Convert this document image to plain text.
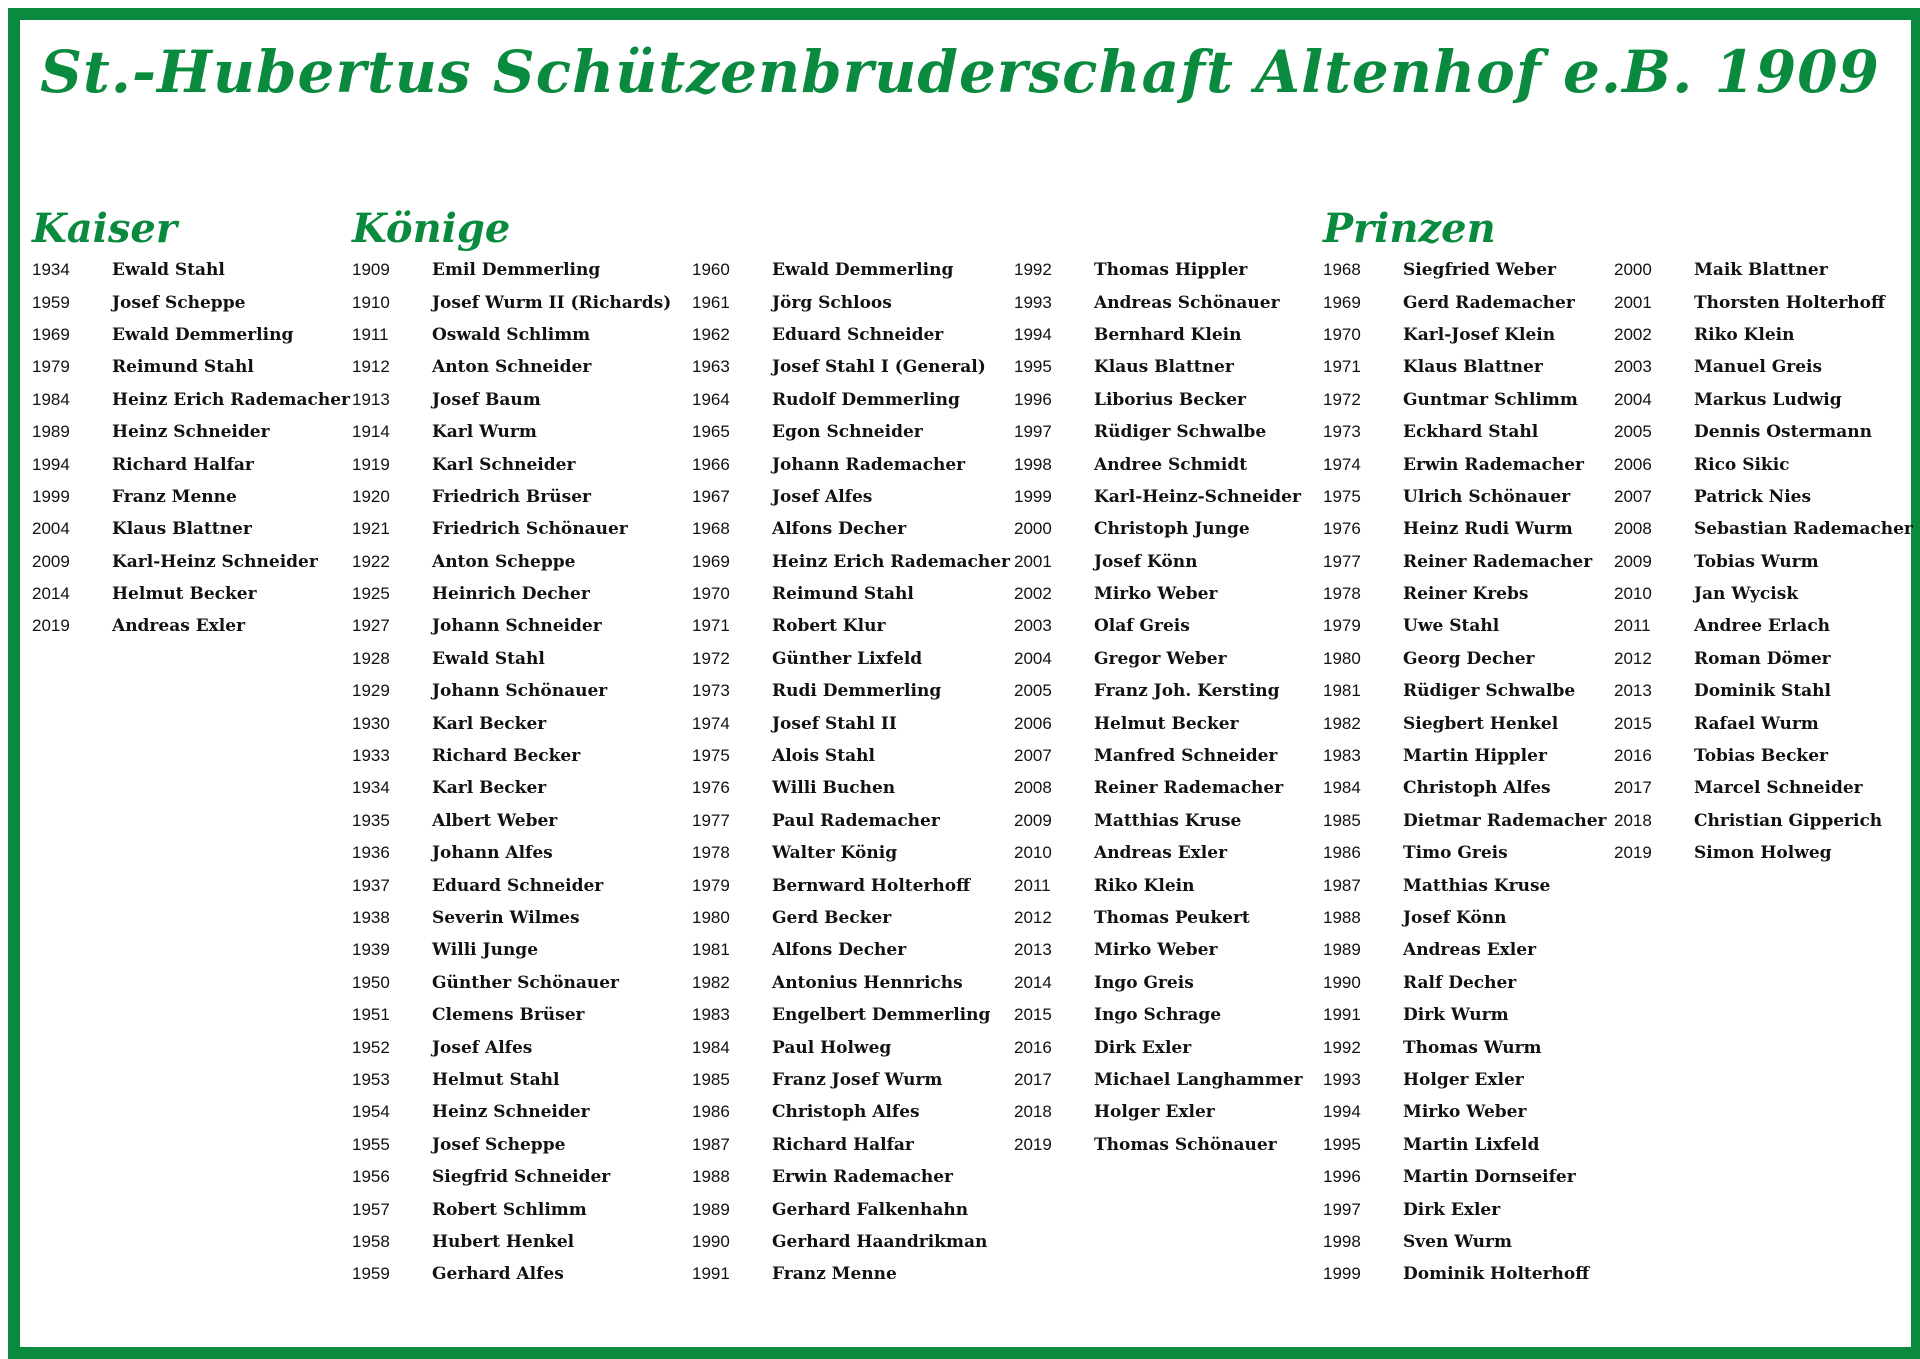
St.-Hubertus Schützenbruderschaft Altenhof e.B. 1909
Kaiser	Könige	Prinzen
1934	Ewald Stahl
1959	Josef Scheppe
1969	Ewald Demmerling
1979	Reimund Stahl
1984	Heinz Erich Rademacher
1989	Heinz Schneider
1994	Richard Halfar
1999	Franz Menne
2004	Klaus Blattner
2009	Karl-Heinz Schneider
2014	Helmut Becker
2019	Andreas Exler
1909	Emil Demmerling
1910	Josef Wurm II (Richards)
1911	Oswald Schlimm
1912	Anton Schneider
1913	Josef Baum
1914	Karl Wurm
1919	Karl Schneider
1920	Friedrich Brüser
1921	Friedrich Schönauer
1922	Anton Scheppe
1925	Heinrich Decher
1927	Johann Schneider
1928	Ewald Stahl
1929	Johann Schönauer
1930	Karl Becker
1933	Richard Becker
1934	Karl Becker
1935	Albert Weber
1936	Johann Alfes
1937	Eduard Schneider
1938	Severin Wilmes
1939	Willi Junge
1950	Günther Schönauer
1951	Clemens Brüser
1952	Josef Alfes
1953	Helmut Stahl
1954	Heinz Schneider
1955	Josef Scheppe
1956	Siegfrid Schneider
1957	Robert Schlimm
1958	Hubert Henkel
1959	Gerhard Alfes
1960	Ewald Demmerling
1961	Jörg Schloos
1962	Eduard Schneider
1963	Josef Stahl I (General)
1964	Rudolf Demmerling
1965	Egon Schneider
1966	Johann Rademacher
1967	Josef Alfes
1968	Alfons Decher
1969	Heinz Erich Rademacher
1970	Reimund Stahl
1971	Robert Klur
1972	Günther Lixfeld
1973	Rudi Demmerling
1974	Josef Stahl II
1975	Alois Stahl
1976	Willi Buchen
1977	Paul Rademacher
1978	Walter König
1979	Bernward Holterhoff
1980	Gerd Becker
1981	Alfons Decher
1982	Antonius Hennrichs
1983	Engelbert Demmerling
1984	Paul Holweg
1985	Franz Josef Wurm
1986	Christoph Alfes
1987	Richard Halfar
1988	Erwin Rademacher
1989	Gerhard Falkenhahn
1990	Gerhard Haandrikman
1991	Franz Menne
1992	Thomas Hippler
1993	Andreas Schönauer
1994	Bernhard Klein
1995	Klaus Blattner
1996	Liborius Becker
1997	Rüdiger Schwalbe
1998	Andree Schmidt
1999	Karl-Heinz-Schneider
2000	Christoph Junge
2001	Josef Könn
2002	Mirko Weber
2003	Olaf Greis
2004	Gregor Weber
2005	Franz Joh. Kersting
2006	Helmut Becker
2007	Manfred Schneider
2008	Reiner Rademacher
2009	Matthias Kruse
2010	Andreas Exler
2011	Riko Klein
2012	Thomas Peukert
2013	Mirko Weber
2014	Ingo Greis
2015	Ingo Schrage
2016	Dirk Exler
2017	Michael Langhammer
2018	Holger Exler
2019	Thomas Schönauer
1968	Siegfried Weber
1969	Gerd Rademacher
1970	Karl-Josef Klein
1971	Klaus Blattner
1972	Guntmar Schlimm
1973	Eckhard Stahl
1974	Erwin Rademacher
1975	Ulrich Schönauer
1976	Heinz Rudi Wurm
1977	Reiner Rademacher
1978	Reiner Krebs
1979	Uwe Stahl
1980	Georg Decher
1981	Rüdiger Schwalbe
1982	Siegbert Henkel
1983	Martin Hippler
1984	Christoph Alfes
1985	Dietmar Rademacher
1986	Timo Greis
1987	Matthias Kruse
1988	Josef Könn
1989	Andreas Exler
1990	Ralf Decher
1991	Dirk Wurm
1992	Thomas Wurm
1993	Holger Exler
1994	Mirko Weber
1995	Martin Lixfeld
1996	Martin Dornseifer
1997	Dirk Exler
1998	Sven Wurm
1999	Dominik Holterhoff
2000	Maik Blattner
2001	Thorsten Holterhoff
2002	Riko Klein
2003	Manuel Greis
2004	Markus Ludwig
2005	Dennis Ostermann
2006	Rico Sikic
2007	Patrick Nies
2008	Sebastian Rademacher
2009	Tobias Wurm
2010	Jan Wycisk
2011	Andree Erlach
2012	Roman Dömer
2013	Dominik Stahl
2015	Rafael Wurm
2016	Tobias Becker
2017	Marcel Schneider
2018	Christian Gipperich
2019	Simon Holweg
